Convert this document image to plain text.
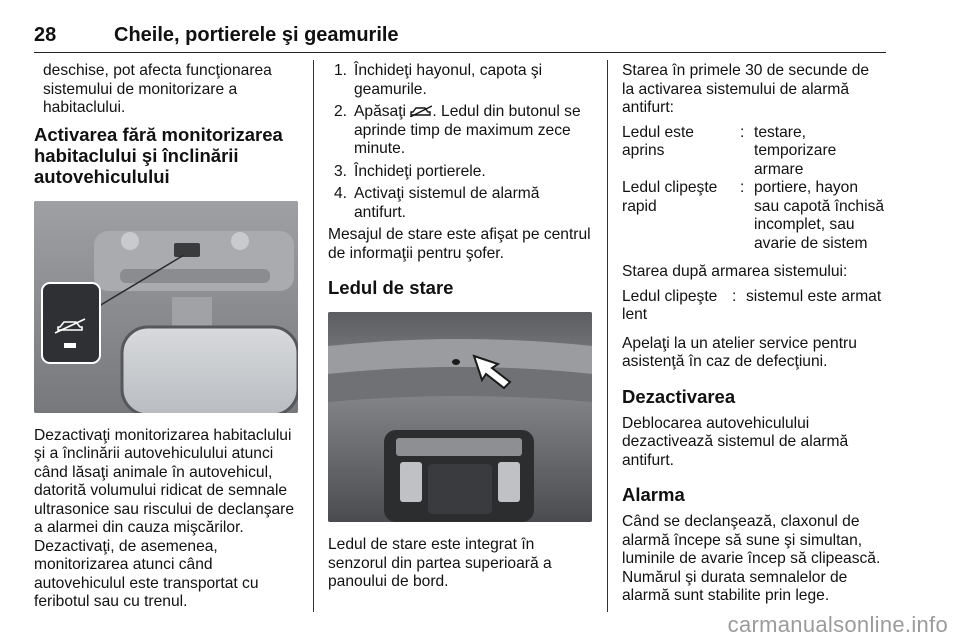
28	Cheile, portierele şi geamurile

deschise, pot afecta funcţionarea

sistemului de monitorizare a

habitaclului.

Activarea fără monitorizarea
habitaclului şi înclinării
autovehiculului

Dezactivaţi monitorizarea habitaclului

şi a înclinării autovehiculului atunci

când lăsaţi animale în autovehicul,

datorită volumului ridicat de semnale

ultrasonice sau riscului de declanşare

a alarmei din cauza mişcărilor.

Dezactivaţi, de asemenea,

monitorizarea atunci când

autovehiculul este transportat cu

feribotul sau cu trenul.

1. Închideţi hayonul, capota şi
geamurile.
2. Apăsaţi . Ledul din butonul se
aprinde timp de maximum zece
minute.
3. Închideţi portierele.
4. Activaţi sistemul de alarmă
antifurt.

Mesajul de stare este afişat pe centrul

de informaţii pentru şofer.

Ledul de stare

Ledul de stare este integrat în

senzorul din partea superioară a

panoului de bord.

Starea în primele 30 de secunde de

la activarea sistemului de alarmă

antifurt:

Ledul este
aprins
: testare,
temporizare
armare
Ledul clipeşte
rapid
: portiere, hayon
sau capotă închisă
incomplet, sau
avarie de sistem

Starea după armarea sistemului:

Ledul clipeşte
lent
: sistemul este armat

Apelaţi la un atelier service pentru

asistenţă în caz de defecţiuni.

Dezactivarea

Deblocarea autovehiculului

dezactivează sistemul de alarmă

antifurt.

Alarma

Când se declanşează, claxonul de

alarmă începe să sune şi simultan,

luminile de avarie încep să clipească.

Numărul şi durata semnalelor de

alarmă sunt stabilite prin lege.

carmanualsonline.info
